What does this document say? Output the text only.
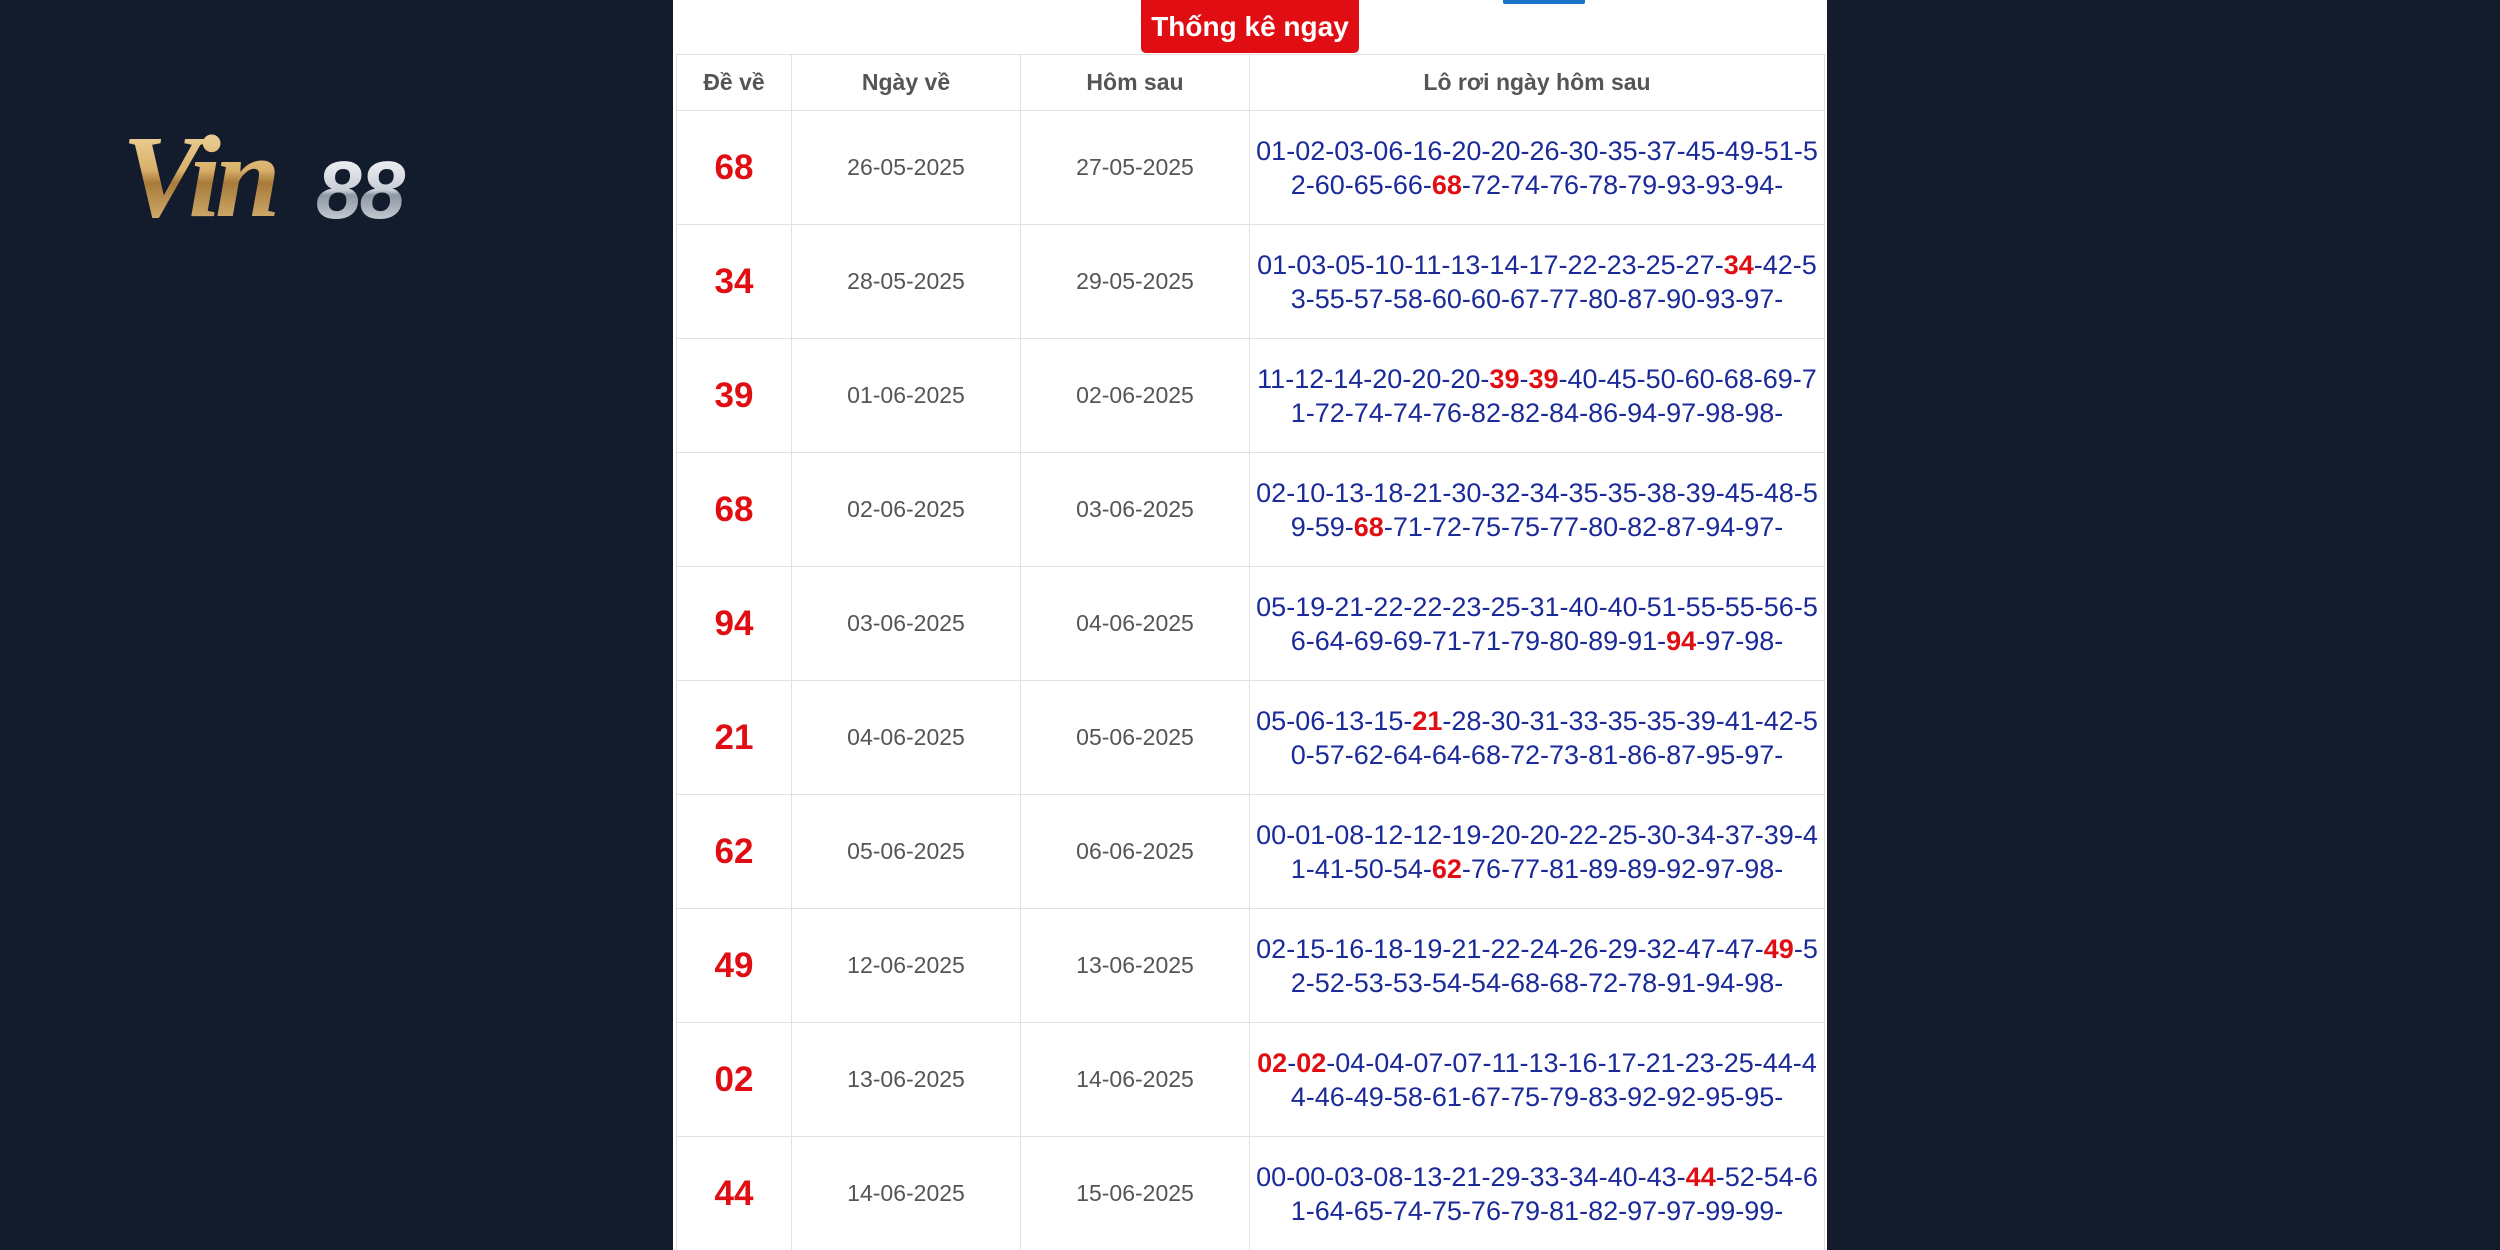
Vin 88
Thống kê ngay
Đề về	Ngày về	Hôm sau	Lô rơi ngày hôm sau
68	26-05-2025	27-05-2025	01-02-03-06-16-20-20-26-30-35-37-45-49-51-52-60-65-66-68-72-74-76-78-79-93-93-94-
34	28-05-2025	29-05-2025	01-03-05-10-11-13-14-17-22-23-25-27-34-42-53-55-57-58-60-60-67-77-80-87-90-93-97-
39	01-06-2025	02-06-2025	11-12-14-20-20-20-39-39-40-45-50-60-68-69-71-72-74-74-76-82-82-84-86-94-97-98-98-
68	02-06-2025	03-06-2025	02-10-13-18-21-30-32-34-35-35-38-39-45-48-59-59-68-71-72-75-75-77-80-82-87-94-97-
94	03-06-2025	04-06-2025	05-19-21-22-22-23-25-31-40-40-51-55-55-56-56-64-69-69-71-71-79-80-89-91-94-97-98-
21	04-06-2025	05-06-2025	05-06-13-15-21-28-30-31-33-35-35-39-41-42-50-57-62-64-64-68-72-73-81-86-87-95-97-
62	05-06-2025	06-06-2025	00-01-08-12-12-19-20-20-22-25-30-34-37-39-41-41-50-54-62-76-77-81-89-89-92-97-98-
49	12-06-2025	13-06-2025	02-15-16-18-19-21-22-24-26-29-32-47-47-49-52-52-53-53-54-54-68-68-72-78-91-94-98-
02	13-06-2025	14-06-2025	02-02-04-04-07-07-11-13-16-17-21-23-25-44-44-46-49-58-61-67-75-79-83-92-92-95-95-
44	14-06-2025	15-06-2025	00-00-03-08-13-21-29-33-34-40-43-44-52-54-61-64-65-74-75-76-79-81-82-97-97-99-99-
